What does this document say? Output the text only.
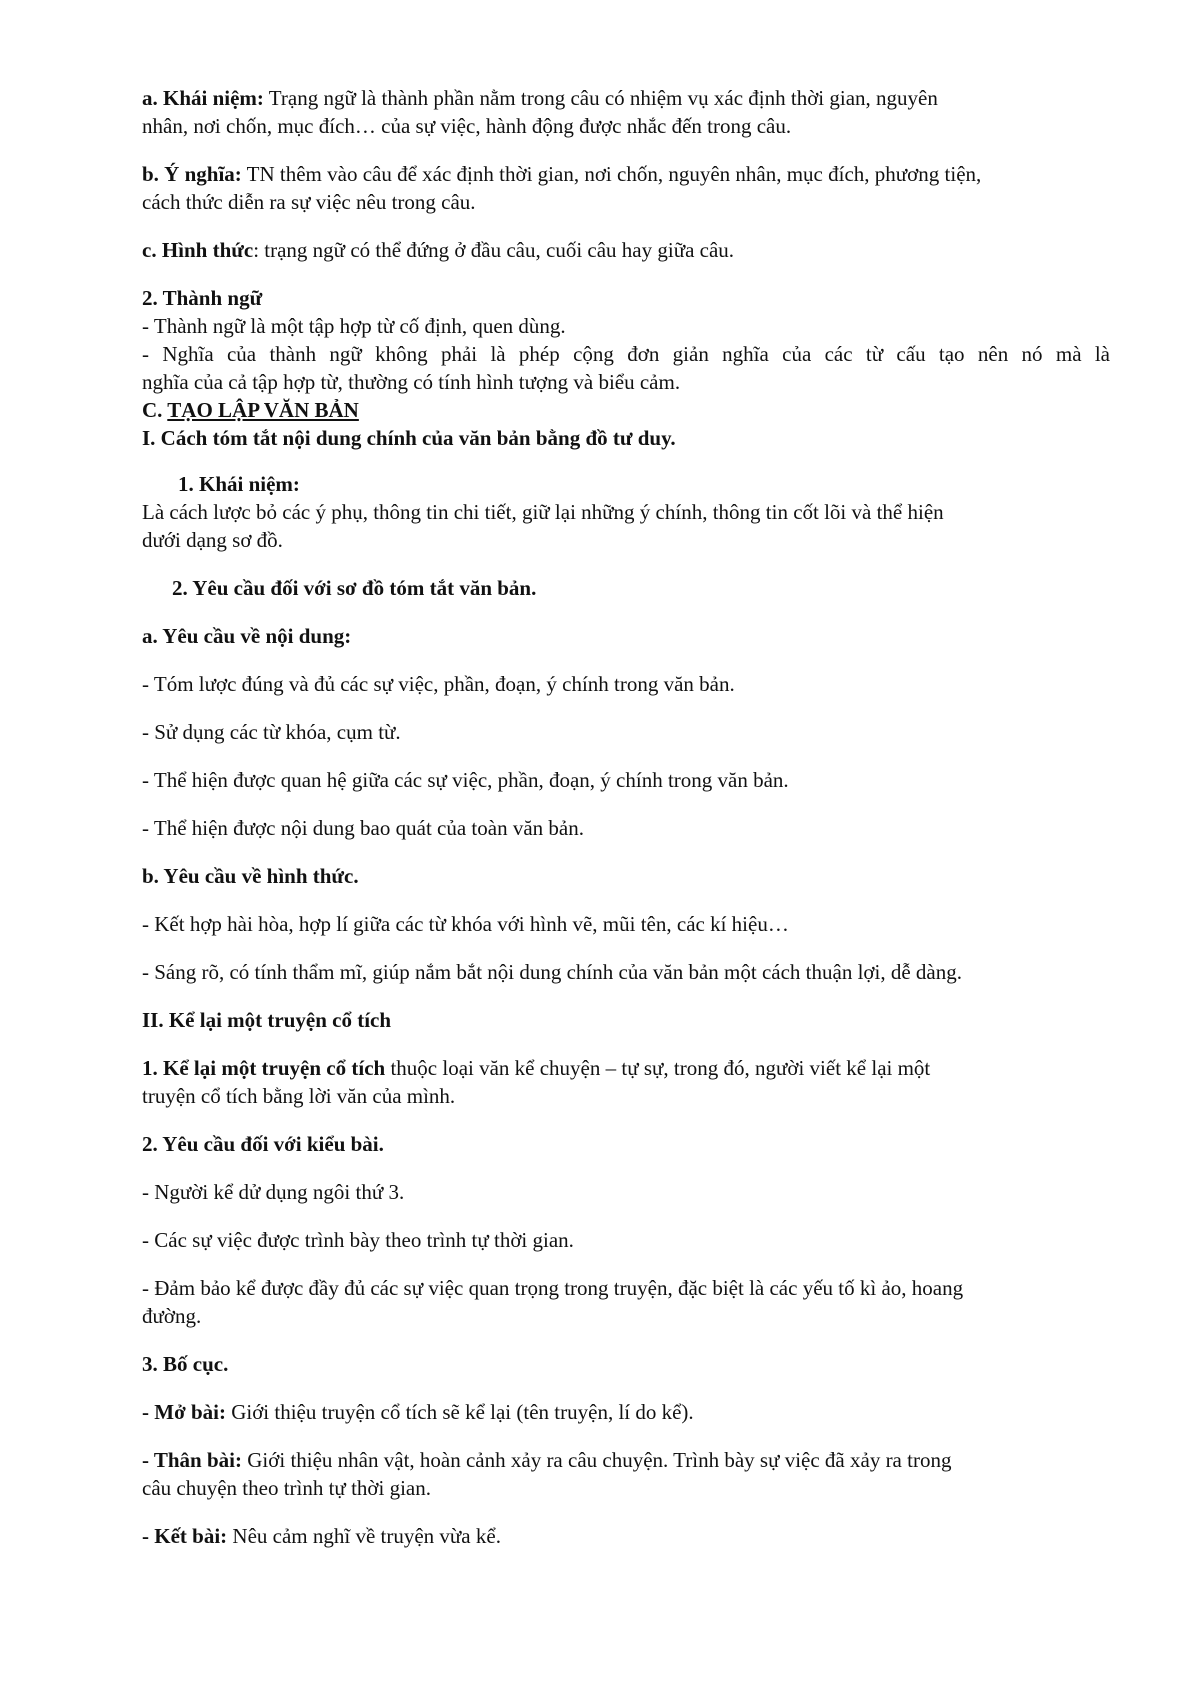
a. Khái niệm: Trạng ngữ là thành phần nằm trong câu có nhiệm vụ xác định thời gian, nguyên
nhân, nơi chốn, mục đích… của sự việc, hành động được nhắc đến trong câu.
b. Ý nghĩa: TN thêm vào câu để xác định thời gian, nơi chốn, nguyên nhân, mục đích, phương tiện,
cách thức diễn ra sự việc nêu trong câu.
c. Hình thức: trạng ngữ có thể đứng ở đầu câu, cuối câu hay giữa câu.
2. Thành ngữ
- Thành ngữ là một tập hợp từ cố định, quen dùng.
- Nghĩa của thành ngữ không phải là phép cộng đơn giản nghĩa của các từ cấu tạo nên nó mà là
nghĩa của cả tập hợp từ, thường có tính hình tượng và biểu cảm.
C. TẠO LẬP VĂN BẢN
I. Cách tóm tắt nội dung chính của văn bản bằng đồ tư duy.
1. Khái niệm:
Là cách lược bỏ các ý phụ, thông tin chi tiết, giữ lại những ý chính, thông tin cốt lõi và thể hiện
dưới dạng sơ đồ.
2. Yêu cầu đối với sơ đồ tóm tắt văn bản.
a. Yêu cầu về nội dung:
- Tóm lược đúng và đủ các sự việc, phần, đoạn, ý chính trong văn bản.
- Sử dụng các từ khóa, cụm từ.
- Thể hiện được quan hệ giữa các sự việc, phần, đoạn, ý chính trong văn bản.
- Thể hiện được nội dung bao quát của toàn văn bản.
b. Yêu cầu về hình thức.
- Kết hợp hài hòa, hợp lí giữa các từ khóa với hình vẽ, mũi tên, các kí hiệu…
- Sáng rõ, có tính thẩm mĩ, giúp nắm bắt nội dung chính của văn bản một cách thuận lợi, dễ dàng.
II. Kể lại một truyện cổ tích
1. Kể lại một truyện cổ tích thuộc loại văn kể chuyện – tự sự, trong đó, người viết kể lại một
truyện cổ tích bằng lời văn của mình.
2. Yêu cầu đối với kiểu bài.
- Người kể dử dụng ngôi thứ 3.
- Các sự việc được trình bày theo trình tự thời gian.
- Đảm bảo kể được đầy đủ các sự việc quan trọng trong truyện, đặc biệt là các yếu tố kì ảo, hoang
đường.
3. Bố cục.
- Mở bài: Giới thiệu truyện cổ tích sẽ kể lại (tên truyện, lí do kể).
- Thân bài: Giới thiệu nhân vật, hoàn cảnh xảy ra câu chuyện. Trình bày sự việc đã xảy ra trong
câu chuyện theo trình tự thời gian.
- Kết bài: Nêu cảm nghĩ về truyện vừa kể.
